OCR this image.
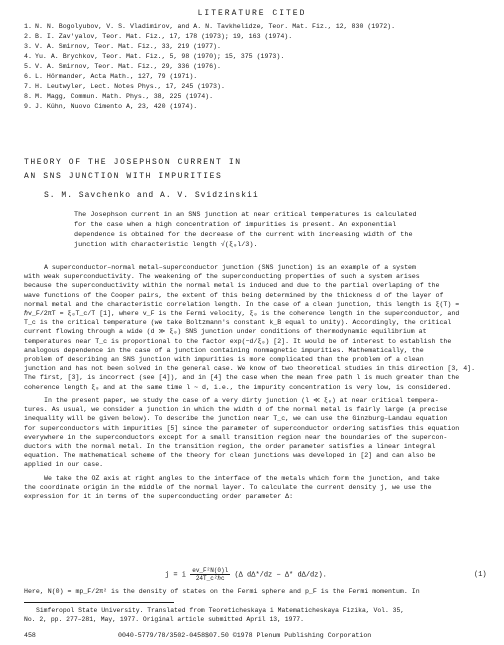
LITERATURE CITED
1. N. N. Bogolyubov, V. S. Vladimirov, and A. N. Tavkhelidze, Teor. Mat. Fiz., 12, 830 (1972).
2. B. I. Zav'yalov, Teor. Mat. Fiz., 17, 178 (1973); 19, 163 (1974).
3. V. A. Smirnov, Teor. Mat. Fiz., 33, 219 (1977).
4. Yu. A. Brychkov, Teor. Mat. Fiz., 5, 98 (1970); 15, 375 (1973).
5. V. A. Smirnov, Teor. Mat. Fiz., 29, 336 (1976).
6. L. Hörmander, Acta Math., 127, 79 (1971).
7. H. Leutwyler, Lect. Notes Phys., 17, 245 (1973).
8. M. Magg, Commun. Math. Phys., 38, 225 (1974).
9. J. Kühn, Nuovo Cimento A, 23, 420 (1974).
THEORY OF THE JOSEPHSON CURRENT IN
AN SNS JUNCTION WITH IMPURITIES
S. M. Savchenko and A. V. Svidzinskii
The Josephson current in an SNS junction at near critical temperatures is calculated
for the case when a high concentration of impurities is present. An exponential
dependence is obtained for the decrease of the current with increasing width of the
junction with characteristic length √(ξ₀l/3).
A superconductor–normal metal–superconductor junction (SNS junction) is an example of a system
with weak superconductivity. The weakening of the superconducting properties of such a system arises
because the superconductivity within the normal metal is induced and due to the partial overlaping of the
wave functions of the Cooper pairs, the extent of this being determined by the thickness d of the layer of
normal metal and the characteristic correlation length. In the case of a clean junction, this length is ξ(T) =
ℏv_F/2πT = ξ₀T_c/T [1], where v_F is the Fermi velocity, ξ₀ is the coherence length in the superconductor, and
T_c is the critical temperature (we take Boltzmann's constant k_B equal to unity). Accordingly, the critical
current flowing through a wide (d ≫ ξ₀) SNS junction under conditions of thermodynamic equilibrium at
temperatures near T_c is proportional to the factor exp(−d/ξ₀) [2]. It would be of interest to establish the
analogous dependence in the case of a junction containing nonmagnetic impurities. Mathematically, the
problem of describing an SNS junction with impurities is more complicated than the problem of a clean
junction and has not been solved in the general case. We know of two theoretical studies in this direction [3, 4].
The first, [3], is incorrect (see [4]), and in [4] the case when the mean free path l is much greater than the
coherence length ξ₀ and at the same time l ~ d, i.e., the impurity concentration is very low, is considered.
In the present paper, we study the case of a very dirty junction (l ≪ ξ₀) at near critical tempera-
tures. As usual, we consider a junction in which the width d of the normal metal is fairly large (a precise
inequality will be given below). To describe the junction near T_c, we can use the Ginzburg–Landau equation
for superconductors with impurities [5] since the parameter of superconductor ordering satisfies this equation
everywhere in the superconductors except for a small transition region near the boundaries of the supercon-
ductors with the normal metal. In the transition region, the order parameter satisfies a linear integral
equation. The mathematical scheme of the theory for clean junctions was developed in [2] and can also be
applied in our case.
We take the OZ axis at right angles to the interface of the metals which form the junction, and take
the coordinate origin in the middle of the normal layer. To calculate the current density j, we use the
expression for it in terms of the superconducting order parameter Δ:
j = i $\frac{\text{ev\_F²N(0)l}}{\text{24T\_c²ℏc}} (\Delta$ dΔ*/dz − Δ* dΔ/dz).	(1)
Here, N(0) = mp_F/2π² is the density of states on the Fermi sphere and p_F is the Fermi momentum. In
Simferopol State University. Translated from Teoreticheskaya i Matematicheskaya Fizika, Vol. 35,
No. 2, pp. 277–281, May, 1977. Original article submitted April 13, 1977.
458	0040-5779/78/3502-0458$07.50 ©1978 Plenum Publishing Corporation
